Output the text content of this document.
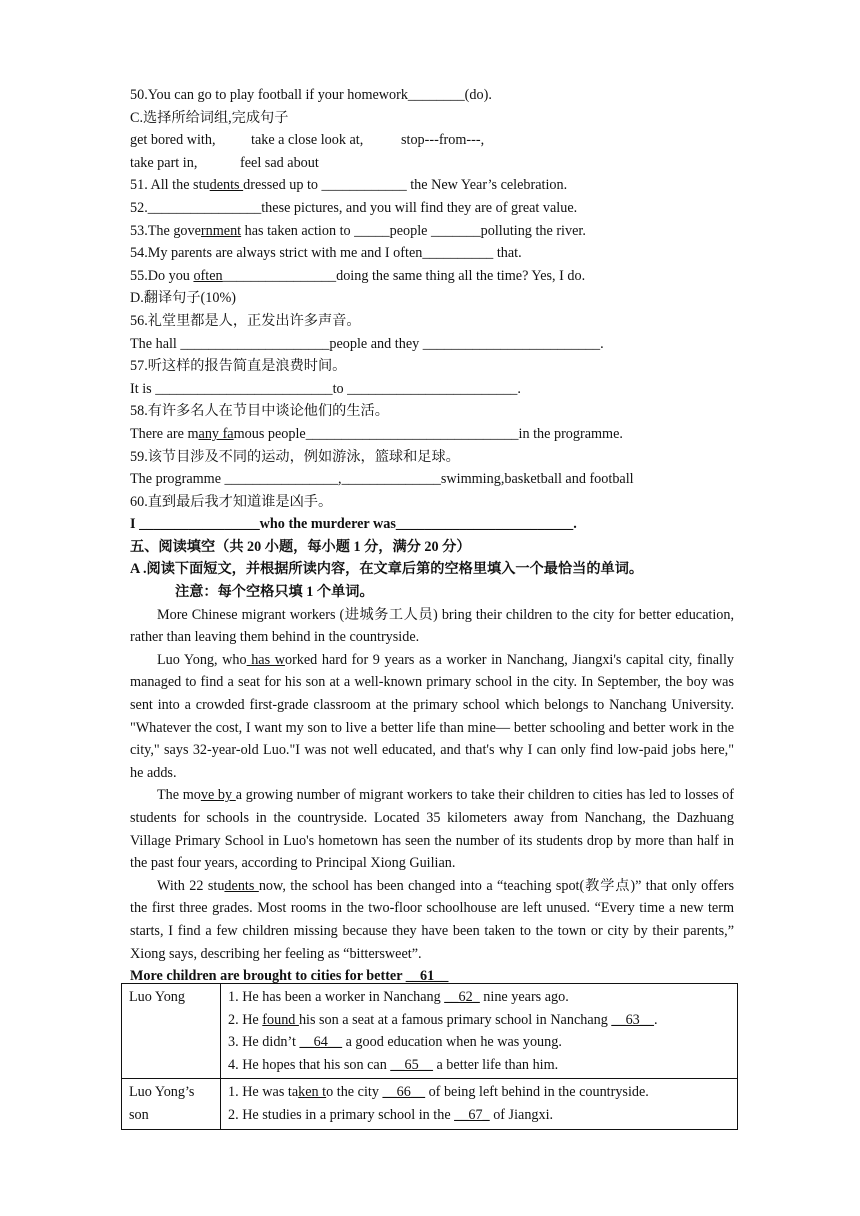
50.You can go to play football if your homework________(do).
C.选择所给词组,完成句子
get bored with,	take a close look at,	stop---from---,
take part in,	feel sad about
51. All the students dressed up to ____________ the New Year’s celebration.
52.________________these pictures, and you will find they are of great value.
53.The government has taken action to _____people _______polluting the river.
54.My parents are always strict with me and I often__________ that.
55.Do you often________________doing the same thing all the time? Yes, I do.
D.翻译句子(10%)
56.礼堂里都是人，正发出许多声音。
The hall _____________________people and they _________________________.
57.听这样的报告简直是浪费时间。
It is _________________________to ________________________.
58.有许多名人在节目中谈论他们的生活。
There are many famous people______________________________in the programme.
59.该节目涉及不同的运动，例如游泳，篮球和足球。
The programme ________________,______________swimming,basketball and football
60.直到最后我才知道谁是凶手。
I _________________who the murderer was_________________________.
五、阅读填空（共 20 小题，每小题 1 分，满分 20 分）
A .阅读下面短文，并根据所读内容，在文章后第的空格里填入一个最恰当的单词。
注意：每个空格只填 1 个单词。

More Chinese migrant workers (进城务工人员) bring their children to the city for better education, rather than leaving them behind in the countryside.

Luo Yong, who has worked hard for 9 years as a worker in Nanchang, Jiangxi's capital city, finally managed to find a seat for his son at a well-known primary school in the city. In September, the boy was sent into a crowded first-grade classroom at the primary school which belongs to Nanchang University. "Whatever the cost, I want my son to live a better life than mine— better schooling and better work in the city," says 32-year-old Luo."I was not well educated, and that's why I can only find low-paid jobs here," he adds.

The move by a growing number of migrant workers to take their children to cities has led to losses of students for schools in the countryside. Located 35 kilometers away from Nanchang, the Dazhuang Village Primary School in Luo's hometown has seen the number of its students drop by more than half in the past four years, according to Principal Xiong Guilian.

With 22 students now, the school has been changed into a “teaching spot(教学点)” that only offers the first three grades. Most rooms in the two-floor schoolhouse are left unused. “Every time a new term starts, I find a few children missing because they have been taken to the town or city by their parents,” Xiong says, describing her feeling as “bittersweet”.

More children are brought to cities for better __61__
Luo Yong	1. He has been a worker in Nanchang __62_ nine years ago.
2. He found his son a seat at a famous primary school in Nanchang __63__.
3. He didn’t __64__ a good education when he was young.
4. He hopes that his son can __65__ a better life than him.

Luo Yong’s son	1. He was taken to the city __66__ of being left behind in the countryside.
2. He studies in a primary school in the __67_ of Jiangxi.
